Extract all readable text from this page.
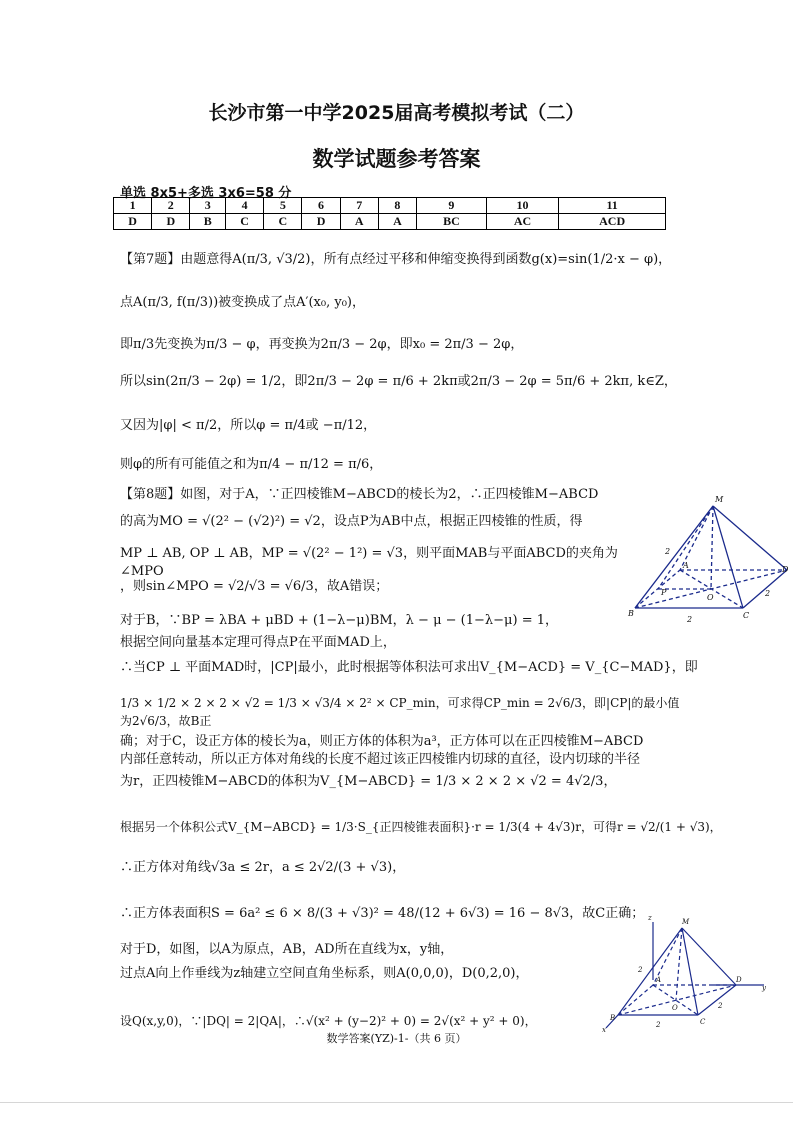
长沙市第一中学2025届高考模拟考试（二）
数学试题参考答案
单选 8x5+多选 3x6=58 分
1	2	3	4	5	6	7	8	9	10	11
D	D	B	C	C	D	A	A	BC	AC	ACD
【第7题】由题意得A(π/3, √3/2)，所有点经过平移和伸缩变换得到函数g(x)=sin(1/2·x − φ)，
点A(π/3, f(π/3))被变换成了点A′(x₀, y₀)，
即π/3先变换为π/3 − φ，再变换为2π/3 − 2φ，即x₀ = 2π/3 − 2φ，
所以sin(2π/3 − 2φ) = 1/2，即2π/3 − 2φ = π/6 + 2kπ或2π/3 − 2φ = 5π/6 + 2kπ, k∈Z，
又因为|φ| < π/2，所以φ = π/4或 −π/12，
则φ的所有可能值之和为π/4 − π/12 = π/6，
【第8题】如图，对于A，∵正四棱锥M−ABCD的棱长为2，∴正四棱锥M−ABCD
的高为MO = √(2² − (√2)²) = √2，设点P为AB中点，根据正四棱锥的性质，得
MP ⊥ AB, OP ⊥ AB，MP = √(2² − 1²) = √3，则平面MAB与平面ABCD的夹角为∠MPO
，则sin∠MPO = √2/√3 = √6/3，故A错误；
对于B，∵BP = λBA + μBD + (1−λ−μ)BM，λ − μ − (1−λ−μ) = 1，
根据空间向量基本定理可得点P在平面MAD上，
∴当CP ⊥ 平面MAD时，|CP|最小，此时根据等体积法可求出V_{M−ACD} = V_{C−MAD}，即
1/3 × 1/2 × 2 × 2 × √2 = 1/3 × √3/4 × 2² × CP_min，可求得CP_min = 2√6/3，即|CP|的最小值为2√6/3，故B正
确；对于C，设正方体的棱长为a，则正方体的体积为a³，正方体可以在正四棱锥M−ABCD
内部任意转动，所以正方体对角线的长度不超过该正四棱锥内切球的直径，设内切球的半径
为r，正四棱锥M−ABCD的体积为V_{M−ABCD} = 1/3 × 2 × 2 × √2 = 4√2/3，
根据另一个体积公式V_{M−ABCD} = 1/3·S_{正四棱锥表面积}·r = 1/3(4 + 4√3)r，可得r = √2/(1 + √3)，
∴正方体对角线√3a ≤ 2r，a ≤ 2√2/(3 + √3)，
∴正方体表面积S = 6a² ≤ 6 × 8/(3 + √3)² = 48/(12 + 6√3) = 16 − 8√3，故C正确；
对于D，如图，以A为原点，AB，AD所在直线为x，y轴，
过点A向上作垂线为z轴建立空间直角坐标系，则A(0,0,0)，D(0,2,0)，
设Q(x,y,0)，∵|DQ| = 2|QA|，∴√(x² + (y−2)² + 0) = 2√(x² + y² + 0)，
M
A	D
B
O
C
P
2
2
2
z	M
A	D
y
B
O
C
x
2
2
2
数学答案(YZ)-1-（共 6 页）
